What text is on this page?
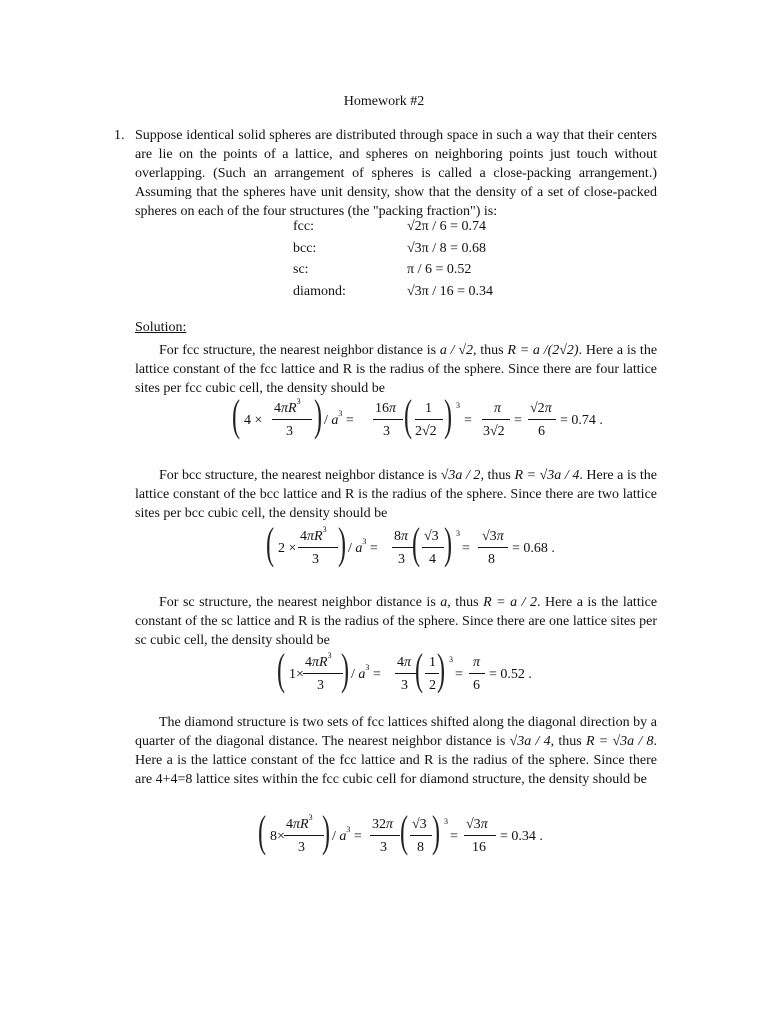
Homework #2
1. Suppose identical solid spheres are distributed through space in such a way that their centers are lie on the points of a lattice, and spheres on neighboring points just touch without overlapping. (Such an arrangement of spheres is called a close-packing arrangement.) Assuming that the spheres have unit density, show that the density of a set of close-packed spheres on each of the four structures (the "packing fraction") is:
fcc:	√2π / 6 = 0.74
bcc:	√3π / 8 = 0.68
sc:	π / 6 = 0.52
diamond:	√3π / 16 = 0.34
Solution:
For fcc structure, the nearest neighbor distance is a / √2, thus R = a /(2√2). Here a is the lattice constant of the fcc lattice and R is the radius of the sphere. Since there are four lattice sites per fcc cubic cell, the density should be
( 4 ×
$4\pi R^3$
3 ) / $a^3$ =
16π
3 ( 1
2√2 ) 3
=
π
3√2
=
√2π
6
= 0.74 .
For bcc structure, the nearest neighbor distance is √3a / 2, thus R = √3a / 4. Here a is the lattice constant of the bcc lattice and R is the radius of the sphere. Since there are two lattice sites per bcc cubic cell, the density should be
( 2 ×
$4\pi R^3$
3 ) / $a^3$ =
8π
3 ( √3
4 ) 3
=
√3π
8
= 0.68 .
For sc structure, the nearest neighbor distance is a, thus R = a / 2. Here a is the lattice constant of the sc lattice and R is the radius of the sphere. Since there are one lattice sites per sc cubic cell, the density should be
( 1×
$4\pi R^3$
3 ) / $a^3$ =
4π
3 ( 1
2 ) 3
=
π
6
= 0.52 .
The diamond structure is two sets of fcc lattices shifted along the diagonal direction by a quarter of the diagonal distance. The nearest neighbor distance is √3a / 4, thus R = √3a / 8. Here a is the lattice constant of the fcc lattice and R is the radius of the sphere. Since there are 4+4=8 lattice sites within the fcc cubic cell for diamond structure, the density should be
( 8×
$4\pi R^3$
3 ) / $a^3$ =
32π
3 ( √3
8 ) 3
=
√3π
16
= 0.34 .
